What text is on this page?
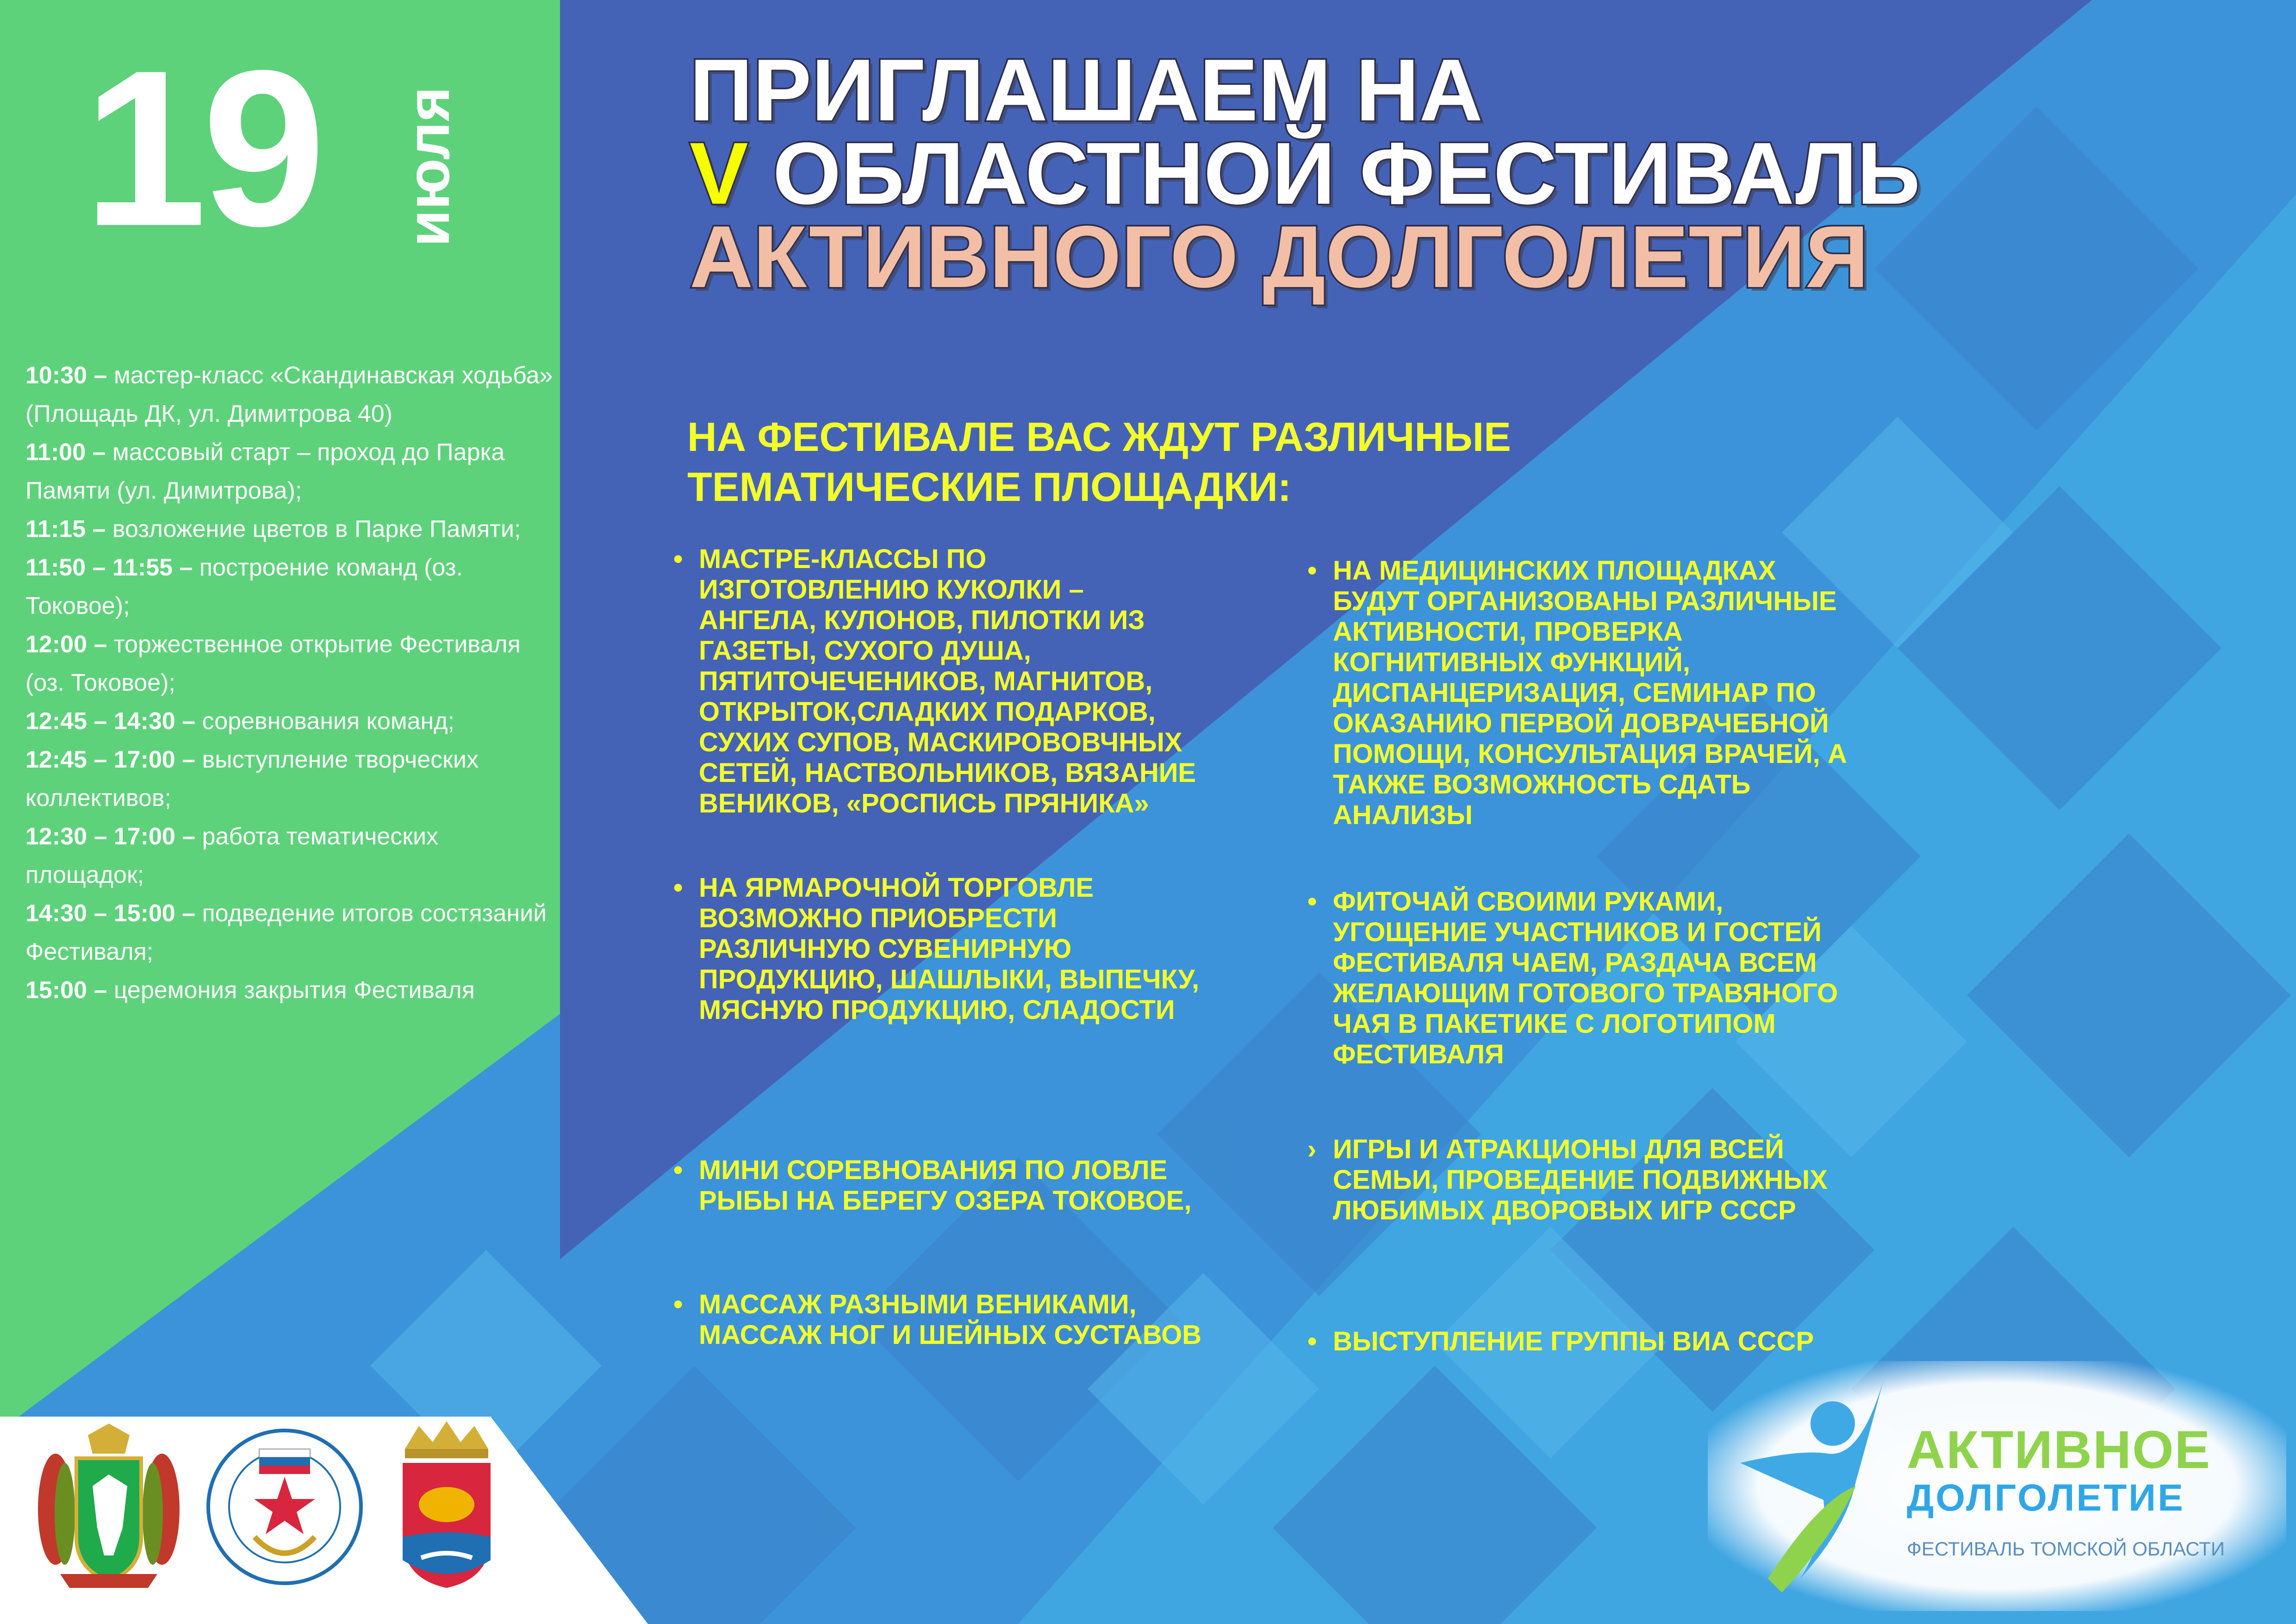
19	июля	ПРИГЛАШАЕМ НА
V ОБЛАСТНОЙ ФЕСТИВАЛЬ
АКТИВНОГО ДОЛГОЛЕТИЯ
10:30 – мастер-класс «Скандинавская ходьба» (Площадь ДК, ул. Димитрова 40)
11:00 – массовый старт – проход до Парка Памяти (ул. Димитрова);
11:15 – возложение цветов в Парке Памяти;
11:50 – 11:55 – построение команд (оз. Токовое);
12:00 – торжественное открытие Фестиваля (оз. Токовое);
12:45 – 14:30 – соревнования команд;
12:45 – 17:00 – выступление творческих коллективов;
12:30 – 17:00 – работа тематических площадок;
14:30 – 15:00 – подведение итогов состязаний Фестиваля;
15:00 – церемония закрытия Фестиваля
НА ФЕСТИВАЛЕ ВАС ЖДУТ РАЗЛИЧНЫЕ ТЕМАТИЧЕСКИЕ ПЛОЩАДКИ:
• МАСТРЕ-КЛАССЫ ПО ИЗГОТОВЛЕНИЮ КУКОЛКИ – АНГЕЛА, КУЛОНОВ, ПИЛОТКИ ИЗ ГАЗЕТЫ, СУХОГО ДУША, ПЯТИТОЧЕЧЕНИКОВ, МАГНИТОВ, ОТКРЫТОК,СЛАДКИХ ПОДАРКОВ, СУХИХ СУПОВ, МАСКИРОВОВЧНЫХ СЕТЕЙ, НАСТВОЛЬНИКОВ, ВЯЗАНИЕ ВЕНИКОВ, «РОСПИСЬ ПРЯНИКА»
• НА ЯРМАРОЧНОЙ ТОРГОВЛЕ ВОЗМОЖНО ПРИОБРЕСТИ РАЗЛИЧНУЮ СУВЕНИРНУЮ ПРОДУКЦИЮ, ШАШЛЫКИ, ВЫПЕЧКУ, МЯСНУЮ ПРОДУКЦИЮ, СЛАДОСТИ
• МИНИ СОРЕВНОВАНИЯ ПО ЛОВЛЕ РЫБЫ НА БЕРЕГУ ОЗЕРА ТОКОВОЕ,
• МАССАЖ РАЗНЫМИ ВЕНИКАМИ, МАССАЖ НОГ И ШЕЙНЫХ СУСТАВОВ
• НА МЕДИЦИНСКИХ ПЛОЩАДКАХ БУДУТ ОРГАНИЗОВАНЫ РАЗЛИЧНЫЕ АКТИВНОСТИ, ПРОВЕРКА КОГНИТИВНЫХ ФУНКЦИЙ, ДИСПАНЦЕРИЗАЦИЯ, СЕМИНАР ПО ОКАЗАНИЮ ПЕРВОЙ ДОВРАЧЕБНОЙ ПОМОЩИ, КОНСУЛЬТАЦИЯ ВРАЧЕЙ, А ТАКЖЕ ВОЗМОЖНОСТЬ СДАТЬ АНАЛИЗЫ
• ФИТОЧАЙ СВОИМИ РУКАМИ, УГОЩЕНИЕ УЧАСТНИКОВ И ГОСТЕЙ ФЕСТИВАЛЯ ЧАЕМ, РАЗДАЧА ВСЕМ ЖЕЛАЮЩИМ ГОТОВОГО ТРАВЯНОГО ЧАЯ В ПАКЕТИКЕ С ЛОГОТИПОМ ФЕСТИВАЛЯ
› ИГРЫ И АТРАКЦИОНЫ ДЛЯ ВСЕЙ СЕМЬИ, ПРОВЕДЕНИЕ ПОДВИЖНЫХ ЛЮБИМЫХ ДВОРОВЫХ ИГР СССР
• ВЫСТУПЛЕНИЕ ГРУППЫ ВИА СССР
АКТИВНОЕ
ДОЛГОЛЕТИЕ
ФЕСТИВАЛЬ ТОМСКОЙ ОБЛАСТИ
